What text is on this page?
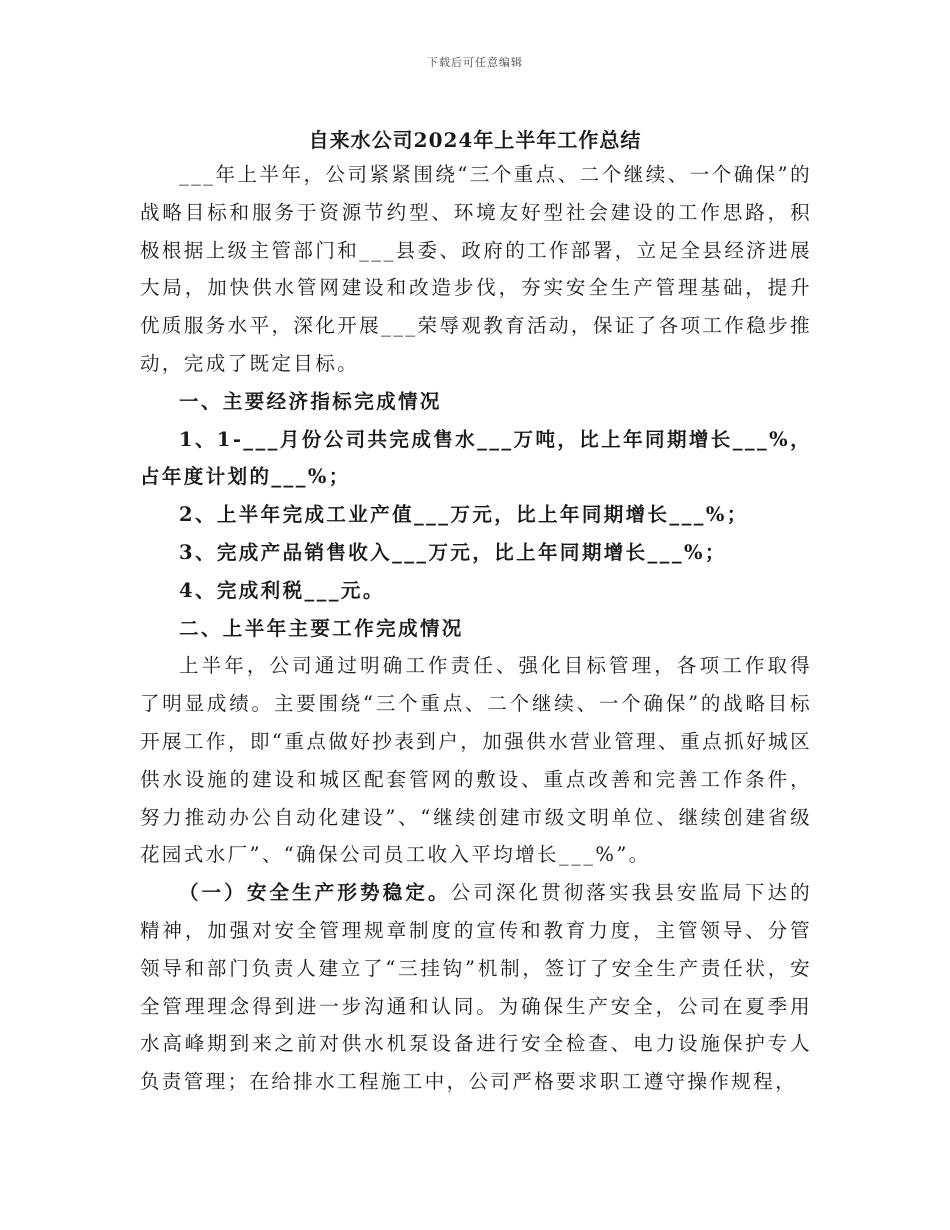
下载后可任意编辑
自来水公司2024年上半年工作总结

___年上半年，公司紧紧围绕“三个重点、二个继续、一个确保”的战略目标和服务于资源节约型、环境友好型社会建设的工作思路，积极根据上级主管部门和___县委、政府的工作部署，立足全县经济进展大局，加快供水管网建设和改造步伐，夯实安全生产管理基础，提升优质服务水平，深化开展___荣辱观教育活动，保证了各项工作稳步推动，完成了既定目标。

一、主要经济指标完成情况

1、1-___月份公司共完成售水___万吨，比上年同期增长___%，占年度计划的___%；

2、上半年完成工业产值___万元，比上年同期增长___%；

3、完成产品销售收入___万元，比上年同期增长___%；

4、完成利税___元。

二、上半年主要工作完成情况

上半年，公司通过明确工作责任、强化目标管理，各项工作取得了明显成绩。主要围绕“三个重点、二个继续、一个确保”的战略目标开展工作，即“重点做好抄表到户，加强供水营业管理、重点抓好城区供水设施的建设和城区配套管网的敷设、重点改善和完善工作条件，努力推动办公自动化建设”、“继续创建市级文明单位、继续创建省级花园式水厂”、“确保公司员工收入平均增长___%”。

（一）安全生产形势稳定。公司深化贯彻落实我县安监局下达的精神，加强对安全管理规章制度的宣传和教育力度，主管领导、分管领导和部门负责人建立了“三挂钩”机制，签订了安全生产责任状，安全管理理念得到进一步沟通和认同。为确保生产安全，公司在夏季用水高峰期到来之前对供水机泵设备进行安全检查、电力设施保护专人负责管理；在给排水工程施工中，公司严格要求职工遵守操作规程，
